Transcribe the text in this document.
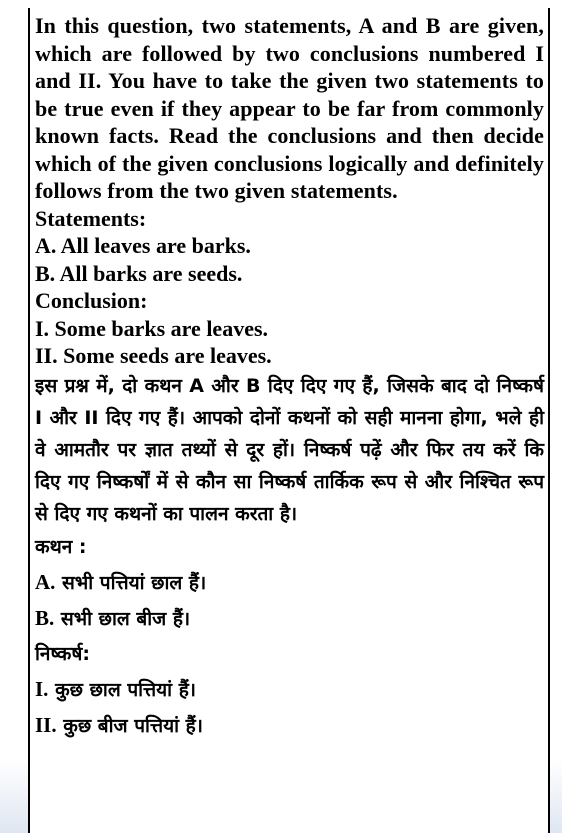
In this question, two statements, A and B are given, which are followed by two conclusions numbered I and II. You have to take the given two statements to be true even if they appear to be far from commonly known facts. Read the conclusions and then decide which of the given conclusions logically and definitely follows from the two given statements.

Statements:

A. All leaves are barks.

B. All barks are seeds.

Conclusion:

I. Some barks are leaves.

II. Some seeds are leaves.

इस प्रश्न में, दो कथन A और B दिए दिए गए हैं, जिसके बाद दो निष्कर्ष I और II दिए गए हैं। आपको दोनों कथनों को सही मानना होगा, भले ही वे आमतौर पर ज्ञात तथ्यों से दूर हों। निष्कर्ष पढ़ें और फिर तय करें कि दिए गए निष्कर्षों में से कौन सा निष्कर्ष तार्किक रूप से और निश्चित रूप से दिए गए कथनों का पालन करता है।

कथन :

A. सभी पत्तियां छाल हैं।

B. सभी छाल बीज हैं।

निष्कर्ष:

I. कुछ छाल पत्तियां हैं।

II. कुछ बीज पत्तियां हैं।
